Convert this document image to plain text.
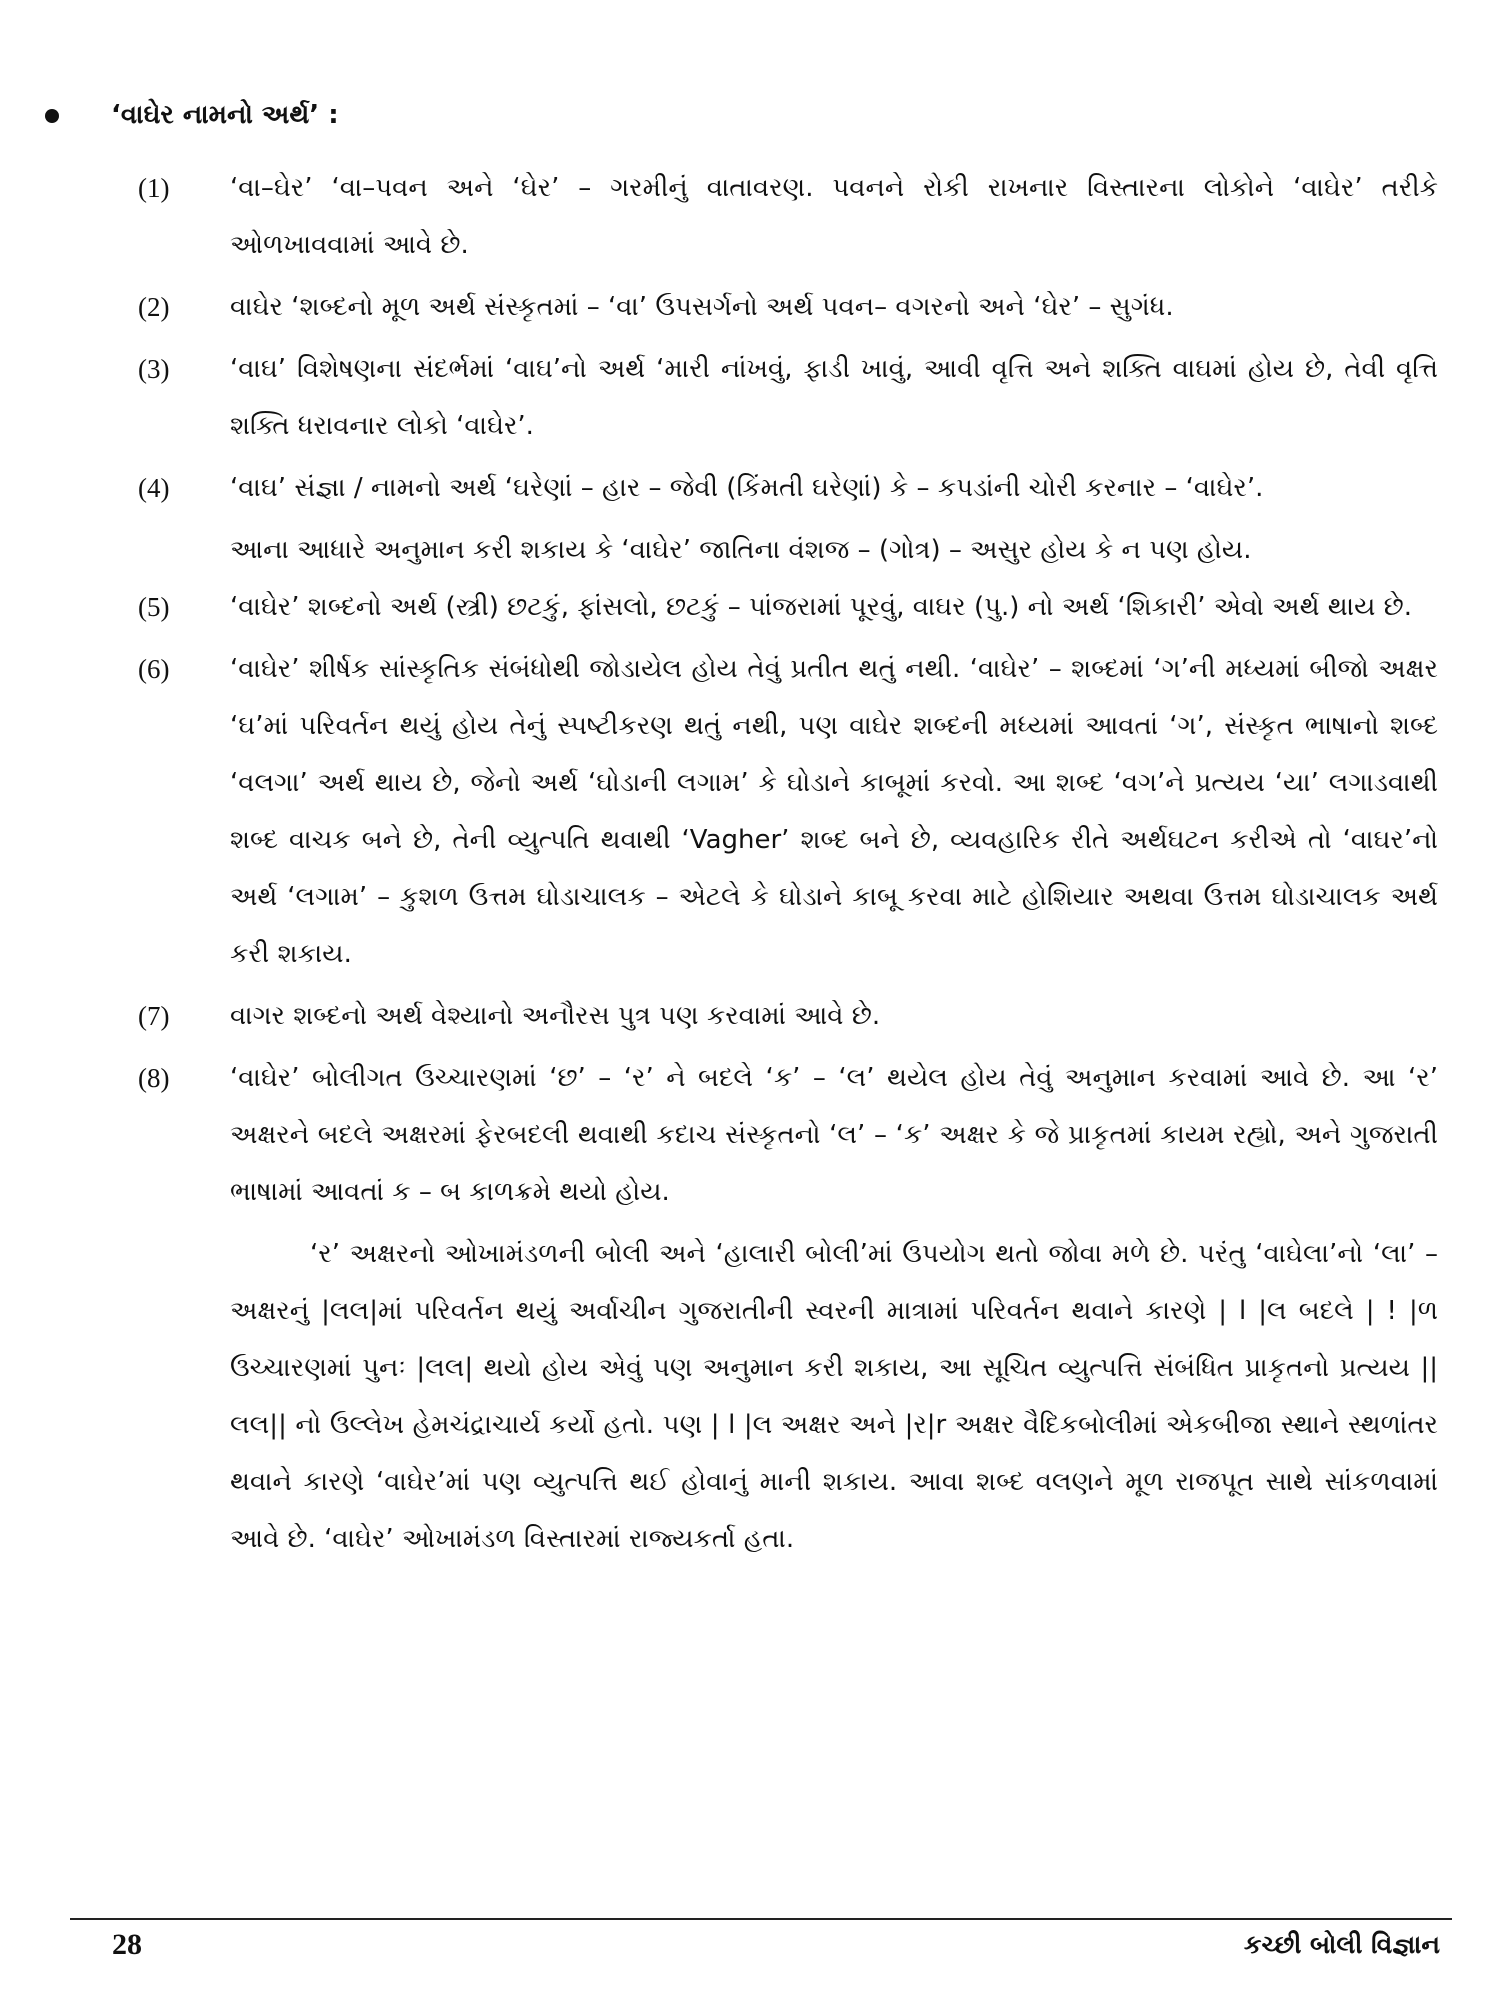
‘વાઘેર નામનો અર્થ’ :
(1)	‘વા–ઘેર’ ‘વા–પવન અને ‘ઘેર’ – ગરમીનું વાતાવરણ. પવનને રોકી રાખનાર વિસ્તારના લોકોને ‘વાઘેર’ તરીકે ઓળખાવવામાં આવે છે.
(2)	વાઘેર ‘શબ્દનો મૂળ અર્થ સંસ્કૃતમાં – ‘વા’ ઉપસર્ગનો અર્થ પવન– વગરનો અને ‘ઘેર’ – સુગંધ.
(3)	‘વાઘ’ વિશેષણના સંદર્ભમાં ‘વાઘ’નો અર્થ ‘મારી નાંખવું, ફાડી ખાવું, આવી વૃત્તિ અને શક્તિ વાઘમાં હોય છે, તેવી વૃત્તિ શક્તિ ધરાવનાર લોકો ‘વાઘેર’.
(4)	‘વાઘ’ સંજ્ઞા / નામનો અર્થ ‘ઘરેણાં – હાર – જેવી (કિંમતી ઘરેણાં) કે – કપડાંની ચોરી કરનાર – ‘વાઘેર’.
આના આધારે અનુમાન કરી શકાય કે ‘વાઘેર’ જાતિના વંશજ – (ગોત્ર) – અસુર હોય કે ન પણ હોય.
(5)	‘વાઘેર’ શબ્દનો અર્થ (સ્ત્રી) છટકું, ફાંસલો, છટકું – પાંજરામાં પૂરવું, વાઘર (પુ.) નો અર્થ ‘શિકારી’ એવો અર્થ થાય છે.
(6)	‘વાઘેર’ શીર્ષક સાંસ્કૃતિક સંબંધોથી જોડાયેલ હોય તેવું પ્રતીત થતું નથી. ‘વાઘેર’ – શબ્દમાં ‘ગ’ની મધ્યમાં બીજો અક્ષર ‘ઘ’માં પરિવર્તન થયું હોય તેનું સ્પષ્ટીકરણ થતું નથી, પણ વાઘેર શબ્દની મધ્યમાં આવતાં ‘ગ’, સંસ્કૃત ભાષાનો શબ્દ ‘વલગા’ અર્થ થાય છે, જેનો અર્થ ‘ઘોડાની લગામ’ કે ઘોડાને કાબૂમાં કરવો. આ શબ્દ ‘વગ’ને પ્રત્યય ‘યા’ લગાડવાથી શબ્દ વાચક બને છે, તેની વ્યુત્પતિ થવાથી ‘Vagher’ શબ્દ બને છે, વ્યવહારિક રીતે અર્થઘટન કરીએ તો ‘વાઘર’નો અર્થ ‘લગામ’ – કુશળ ઉત્તમ ઘોડાચાલક – એટલે કે ઘોડાને કાબૂ કરવા માટે હોશિયાર અથવા ઉત્તમ ઘોડાચાલક અર્થ કરી શકાય.
(7)	વાગર શબ્દનો અર્થ વેશ્યાનો અનૌરસ પુત્ર પણ કરવામાં આવે છે.
(8)	‘વાઘેર’ બોલીગત ઉચ્ચારણમાં ‘છ’ – ‘ર’ ને બદલે ‘ક’ – ‘લ’ થયેલ હોય તેવું અનુમાન કરવામાં આવે છે. આ ‘ર’ અક્ષરને બદલે અક્ષરમાં ફેરબદલી થવાથી કદાચ સંસ્કૃતનો ‘લ’ – ‘ક’ અક્ષર કે જે પ્રાકૃતમાં કાયમ રહ્યો, અને ગુજરાતી ભાષામાં આવતાં ક – બ કાળક્રમે થયો હોય.
‘ર’ અક્ષરનો ઓખામંડળની બોલી અને ‘હાલારી બોલી’માં ઉપયોગ થતો જોવા મળે છે. પરંતુ ‘વાઘેલા’નો ‘લા’ – અક્ષરનું |લલ|માં પરિવર્તન થયું અર્વાચીન ગુજરાતીની સ્વરની માત્રામાં પરિવર્તન થવાને કારણે | l |લ બદલે | ! |ળ ઉચ્ચારણમાં પુનઃ |લલ| થયો હોય એવું પણ અનુમાન કરી શકાય, આ સૂચિત વ્યુત્પત્તિ સંબંધિત પ્રાકૃતનો પ્રત્યય ||લલ|| નો ઉલ્લેખ હેમચંદ્રાચાર્ય કર્યો હતો. પણ | l |લ અક્ષર અને |ર|r અક્ષર વૈદિકબોલીમાં એકબીજા સ્થાને સ્થળાંતર થવાને કારણે ‘વાઘેર’માં પણ વ્યુત્પત્તિ થઈ હોવાનું માની શકાય. આવા શબ્દ વલણને મૂળ રાજપૂત સાથે સાંકળવામાં આવે છે. ‘વાઘેર’ ઓખામંડળ વિસ્તારમાં રાજ્યકર્તા હતા.
28	કચ્છી બોલી વિજ્ઞાન
